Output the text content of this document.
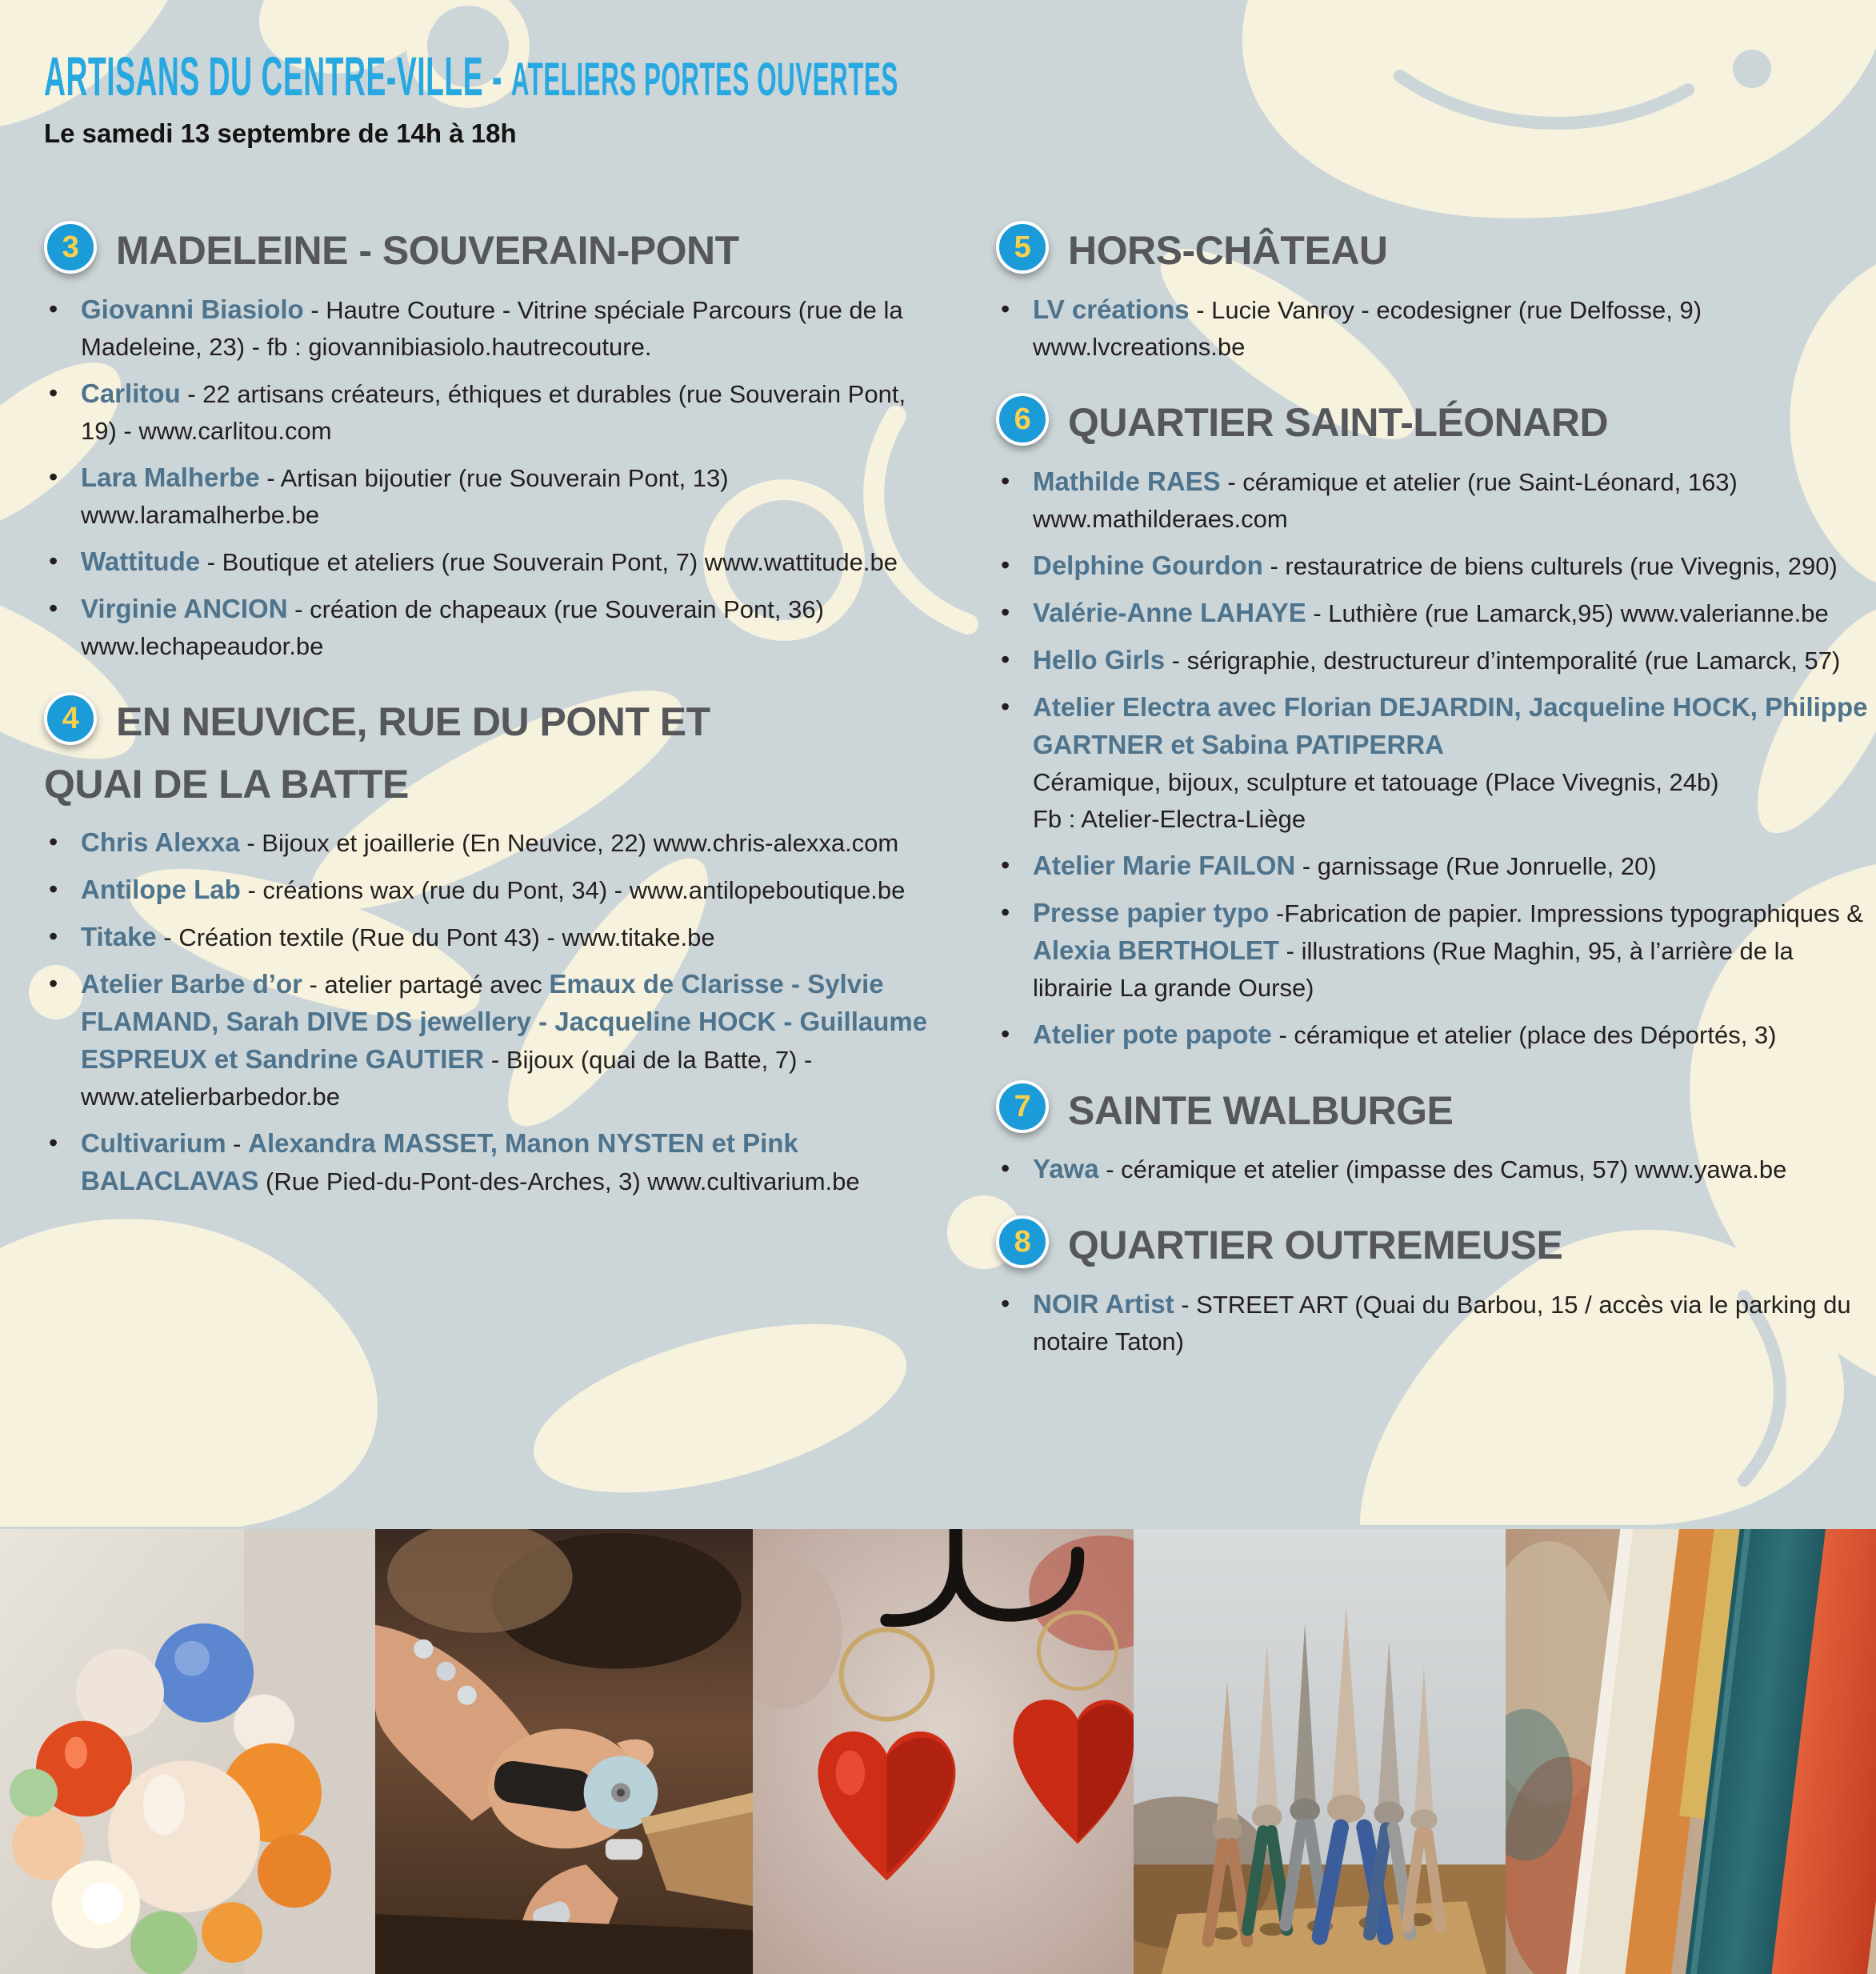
ARTISANS DU CENTRE-VILLE - ATELIERS PORTES OUVERTES
Le samedi 13 septembre de 14h à 18h
3 MADELEINE - SOUVERAIN-PONT
• Giovanni Biasiolo - Hautre Couture - Vitrine spéciale Parcours (rue de la Madeleine, 23) - fb : giovannibiasiolo.hautrecouture.
• Carlitou - 22 artisans créateurs, éthiques et durables (rue Souverain Pont, 19) - www.carlitou.com
• Lara Malherbe - Artisan bijoutier (rue Souverain Pont, 13) www.laramalherbe.be
• Wattitude - Boutique et ateliers (rue Souverain Pont, 7) www.wattitude.be
• Virginie ANCION - création de chapeaux (rue Souverain Pont, 36) www.lechapeaudor.be
4 EN NEUVICE, RUE DU PONT ET
QUAI DE LA BATTE
• Chris Alexxa - Bijoux et joaillerie (En Neuvice, 22) www.chris-alexxa.com
• Antilope Lab - créations wax (rue du Pont, 34) - www.antilopeboutique.be
• Titake - Création textile (Rue du Pont 43) - www.titake.be
• Atelier Barbe d’or - atelier partagé avec Emaux de Clarisse - Sylvie FLAMAND, Sarah DIVE DS jewellery - Jacqueline HOCK - Guillaume ESPREUX et Sandrine GAUTIER - Bijoux (quai de la Batte, 7) - www.atelierbarbedor.be
• Cultivarium - Alexandra MASSET, Manon NYSTEN et Pink BALACLAVAS (Rue Pied-du-Pont-des-Arches, 3) www.cultivarium.be
5 HORS-CHÂTEAU
• LV créations - Lucie Vanroy - ecodesigner (rue Delfosse, 9) www.lvcreations.be
6 QUARTIER SAINT-LÉONARD
• Mathilde RAES - céramique et atelier (rue Saint-Léonard, 163) www.mathilderaes.com
• Delphine Gourdon - restauratrice de biens culturels (rue Vivegnis, 290)
• Valérie-Anne LAHAYE - Luthière (rue Lamarck,95) www.valerianne.be
• Hello Girls - sérigraphie, destructureur d’intemporalité (rue Lamarck, 57)
• Atelier Electra avec Florian DEJARDIN, Jacqueline HOCK, Philippe GARTNER et Sabina PATIPERRA
Céramique, bijoux, sculpture et tatouage (Place Vivegnis, 24b)
Fb : Atelier-Electra-Liège
• Atelier Marie FAILON - garnissage (Rue Jonruelle, 20)
• Presse papier typo -Fabrication de papier. Impressions typographiques & Alexia BERTHOLET - illustrations (Rue Maghin, 95, à l’arrière de la librairie La grande Ourse)
• Atelier pote papote - céramique et atelier (place des Déportés, 3)
7 SAINTE WALBURGE
• Yawa - céramique et atelier (impasse des Camus, 57) www.yawa.be
8 QUARTIER OUTREMEUSE
• NOIR Artist - STREET ART (Quai du Barbou, 15 / accès via le parking du notaire Taton)
